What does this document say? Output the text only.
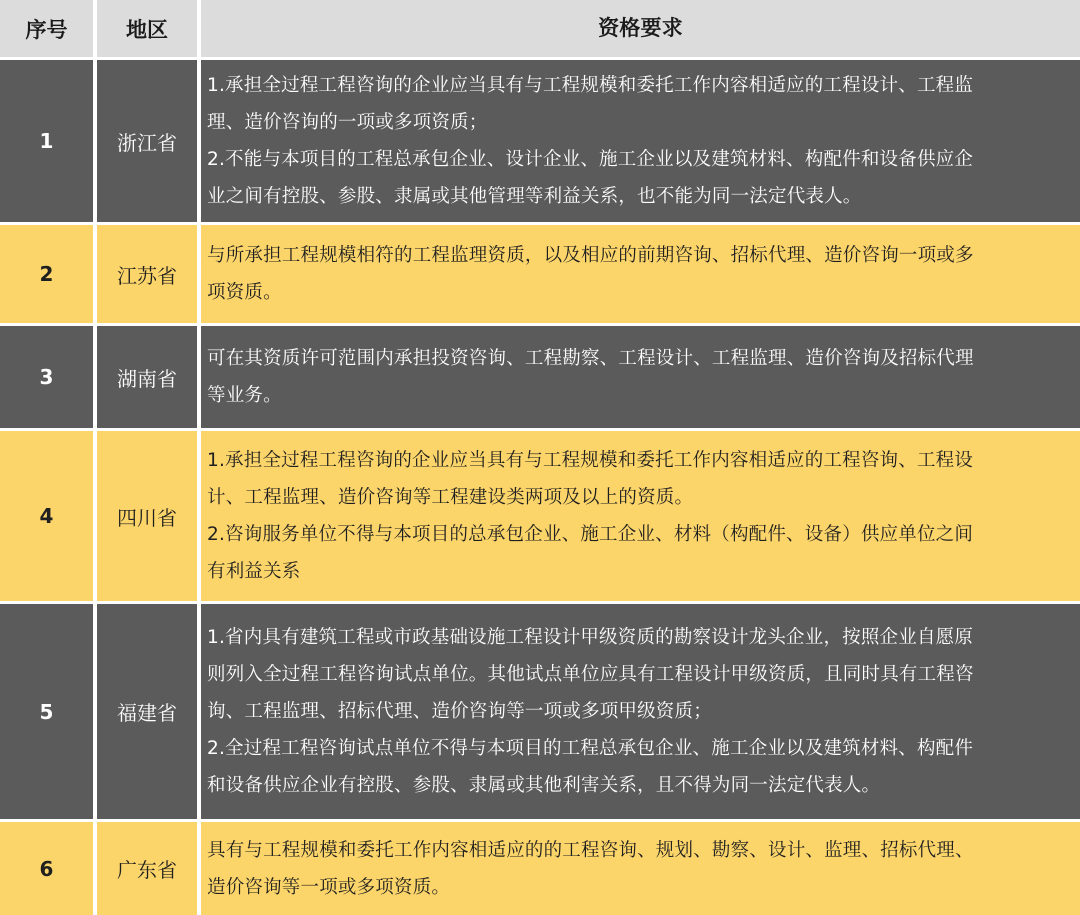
序号	地区	资格要求
1	浙江省
1.承担全过程工程咨询的企业应当具有与工程规模和委托工作内容相适应的工程设计、工程监
理、造价咨询的一项或多项资质；
2.不能与本项目的工程总承包企业、设计企业、施工企业以及建筑材料、构配件和设备供应企
业之间有控股、参股、隶属或其他管理等利益关系，也不能为同一法定代表人。
2	江苏省
与所承担工程规模相符的工程监理资质，以及相应的前期咨询、招标代理、造价咨询一项或多
项资质。
3	湖南省
可在其资质许可范围内承担投资咨询、工程勘察、工程设计、工程监理、造价咨询及招标代理
等业务。
4	四川省
1.承担全过程工程咨询的企业应当具有与工程规模和委托工作内容相适应的工程咨询、工程设
计、工程监理、造价咨询等工程建设类两项及以上的资质。
2.咨询服务单位不得与本项目的总承包企业、施工企业、材料（构配件、设备）供应单位之间
有利益关系
5	福建省
1.省内具有建筑工程或市政基础设施工程设计甲级资质的勘察设计龙头企业，按照企业自愿原
则列入全过程工程咨询试点单位。其他试点单位应具有工程设计甲级资质，且同时具有工程咨
询、工程监理、招标代理、造价咨询等一项或多项甲级资质；
2.全过程工程咨询试点单位不得与本项目的工程总承包企业、施工企业以及建筑材料、构配件
和设备供应企业有控股、参股、隶属或其他利害关系，且不得为同一法定代表人。
6	广东省
具有与工程规模和委托工作内容相适应的的工程咨询、规划、勘察、设计、监理、招标代理、
造价咨询等一项或多项资质。
